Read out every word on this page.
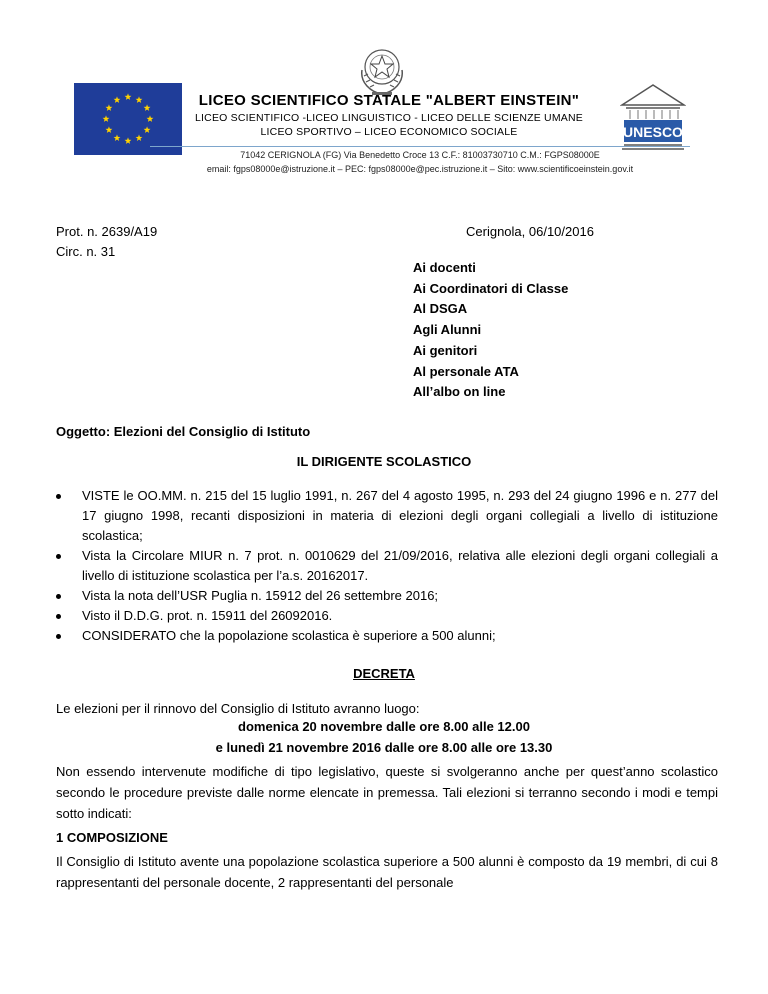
UNESCO
LICEO SCIENTIFICO STATALE "ALBERT EINSTEIN"
LICEO SCIENTIFICO -LICEO LINGUISTICO - LICEO DELLE SCIENZE UMANE
LICEO SPORTIVO – LICEO ECONOMICO SOCIALE
71042 CERIGNOLA (FG) Via Benedetto Croce 13 C.F.: 81003730710 C.M.: FGPS08000E
email: fgps08000e@istruzione.it – PEC: fgps08000e@pec.istruzione.it – Sito: www.scientificoeinstein.gov.it
Prot. n. 2639/A19
Circ. n. 31
Cerignola, 06/10/2016
Ai docenti
Ai Coordinatori di Classe
Al DSGA
Agli Alunni
Ai genitori
Al personale ATA
All’albo on line
Oggetto: Elezioni del Consiglio di Istituto
IL DIRIGENTE SCOLASTICO
VISTE le OO.MM. n. 215 del 15 luglio 1991, n. 267 del 4 agosto 1995, n. 293 del 24 giugno 1996 e n. 277 del 17 giugno 1998, recanti disposizioni in materia di elezioni degli organi collegiali a livello di istituzione scolastica;
Vista la Circolare MIUR n. 7 prot. n. 0010629 del 21/09/2016, relativa alle elezioni degli organi collegiali a livello di istituzione scolastica per l’a.s. 20162017.
Vista la nota dell’USR Puglia n. 15912 del 26 settembre 2016;
Visto il D.D.G. prot. n. 15911 del 26092016.
CONSIDERATO che la popolazione scolastica è superiore a 500 alunni;
DECRETA
Le elezioni per il rinnovo del Consiglio di Istituto avranno luogo:
domenica 20 novembre dalle ore 8.00 alle 12.00
e lunedì 21 novembre 2016 dalle ore 8.00 alle ore 13.30
Non essendo intervenute modifiche di tipo legislativo, queste si svolgeranno anche per quest’anno scolastico secondo le procedure previste dalle norme elencate in premessa. Tali elezioni si terranno secondo i modi e tempi sotto indicati:
1 COMPOSIZIONE
Il Consiglio di Istituto avente una popolazione scolastica superiore a 500 alunni è composto da 19 membri, di cui 8 rappresentanti del personale docente, 2 rappresentanti del personale
